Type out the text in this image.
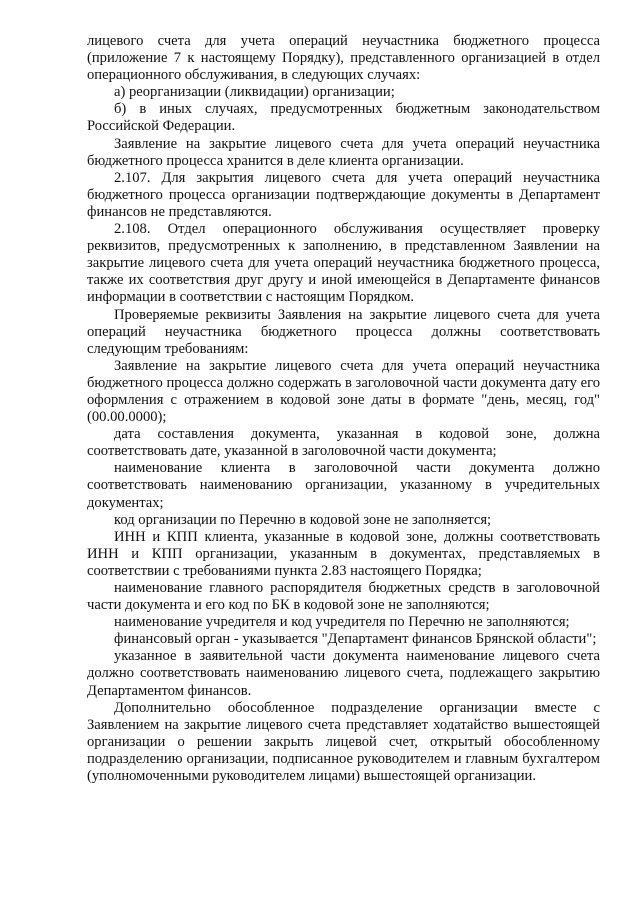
лицевого счета для учета операций неучастника бюджетного процесса (приложение 7 к настоящему Порядку), представленного организацией в отдел операционного обслуживания, в следующих случаях:

а) реорганизации (ликвидации) организации;

б) в иных случаях, предусмотренных бюджетным законодательством Российской Федерации.

Заявление на закрытие лицевого счета для учета операций неучастника бюджетного процесса хранится в деле клиента организации.

2.107. Для закрытия лицевого счета для учета операций неучастника бюджетного процесса организации подтверждающие документы в Департамент финансов не представляются.

2.108. Отдел операционного обслуживания осуществляет проверку реквизитов, предусмотренных к заполнению, в представленном Заявлении на закрытие лицевого счета для учета операций неучастника бюджетного процесса, также их соответствия друг другу и иной имеющейся в Департаменте финансов информации в соответствии с настоящим Порядком.

Проверяемые реквизиты Заявления на закрытие лицевого счета для учета операций неучастника бюджетного процесса должны соответствовать следующим требованиям:

Заявление на закрытие лицевого счета для учета операций неучастника бюджетного процесса должно содержать в заголовочной части документа дату его оформления с отражением в кодовой зоне даты в формате "день, месяц, год" (00.00.0000);

дата составления документа, указанная в кодовой зоне, должна соответствовать дате, указанной в заголовочной части документа;

наименование клиента в заголовочной части документа должно соответствовать наименованию организации, указанному в учредительных документах;

код организации по Перечню в кодовой зоне не заполняется;

ИНН и КПП клиента, указанные в кодовой зоне, должны соответствовать ИНН и КПП организации, указанным в документах, представляемых в соответствии с требованиями пункта 2.83 настоящего Порядка;

наименование главного распорядителя бюджетных средств в заголовочной части документа и его код по БК в кодовой зоне не заполняются;

наименование учредителя и код учредителя по Перечню не заполняются;

финансовый орган - указывается "Департамент финансов Брянской области";

указанное в заявительной части документа наименование лицевого счета должно соответствовать наименованию лицевого счета, подлежащего закрытию Департаментом финансов.

Дополнительно обособленное подразделение организации вместе с Заявлением на закрытие лицевого счета представляет ходатайство вышестоящей организации о решении закрыть лицевой счет, открытый обособленному подразделению организации, подписанное руководителем и главным бухгалтером (уполномоченными руководителем лицами) вышестоящей организации.
